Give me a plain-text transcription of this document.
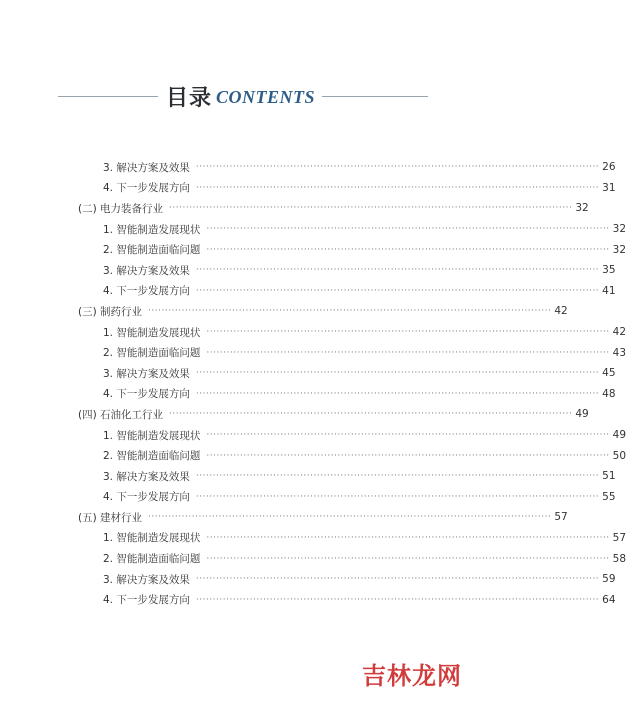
目录 CONTENTS
3. 解决方案及效果 ························································································································ 26
4. 下一步发展方向 ························································································································ 31
(二) 电力装备行业 ························································································································ 32
1. 智能制造发展现状 ························································································································ 32
2. 智能制造面临问题 ························································································································ 32
3. 解决方案及效果 ························································································································ 35
4. 下一步发展方向 ························································································································ 41
(三) 制药行业 ························································································································ 42
1. 智能制造发展现状 ························································································································ 42
2. 智能制造面临问题 ························································································································ 43
3. 解决方案及效果 ························································································································ 45
4. 下一步发展方向 ························································································································ 48
(四) 石油化工行业 ························································································································ 49
1. 智能制造发展现状 ························································································································ 49
2. 智能制造面临问题 ························································································································ 50
3. 解决方案及效果 ························································································································ 51
4. 下一步发展方向 ························································································································ 55
(五) 建材行业 ························································································································ 57
1. 智能制造发展现状 ························································································································ 57
2. 智能制造面临问题 ························································································································ 58
3. 解决方案及效果 ························································································································ 59
4. 下一步发展方向 ························································································································ 64
吉林龙网
